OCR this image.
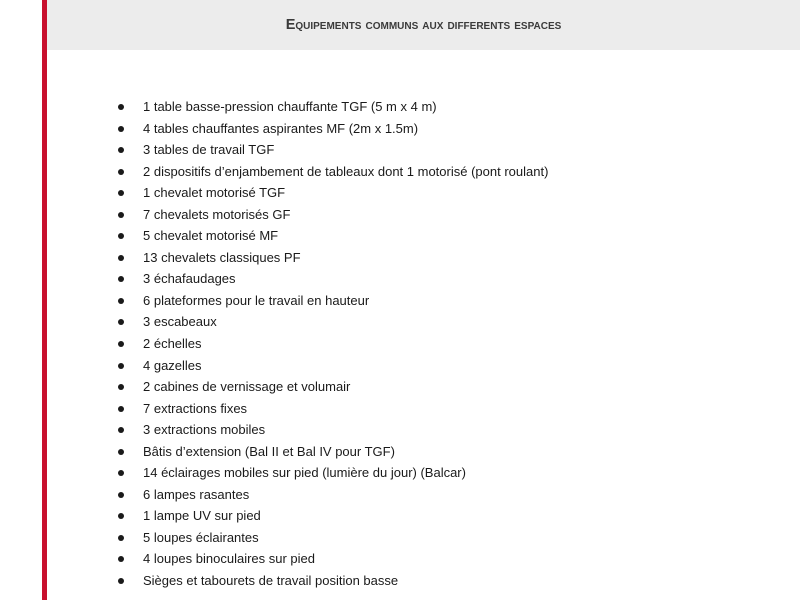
Equipements communs aux differents espaces
1 table basse-pression chauffante TGF (5 m x 4 m)
4 tables chauffantes aspirantes MF (2m x 1.5m)
3 tables de travail TGF
2 dispositifs d’enjambement de tableaux dont 1 motorisé (pont roulant)
1 chevalet motorisé TGF
7 chevalets motorisés GF
5 chevalet motorisé MF
13 chevalets classiques PF
3 échafaudages
6 plateformes pour le travail en hauteur
3 escabeaux
2 échelles
4 gazelles
2 cabines de vernissage et volumair
7 extractions fixes
3 extractions mobiles
Bâtis d’extension (Bal II et Bal IV pour TGF)
14 éclairages mobiles sur pied (lumière du jour) (Balcar)
6 lampes rasantes
1 lampe UV sur pied
5 loupes éclairantes
4 loupes binoculaires sur pied
Sièges et tabourets de travail position basse
